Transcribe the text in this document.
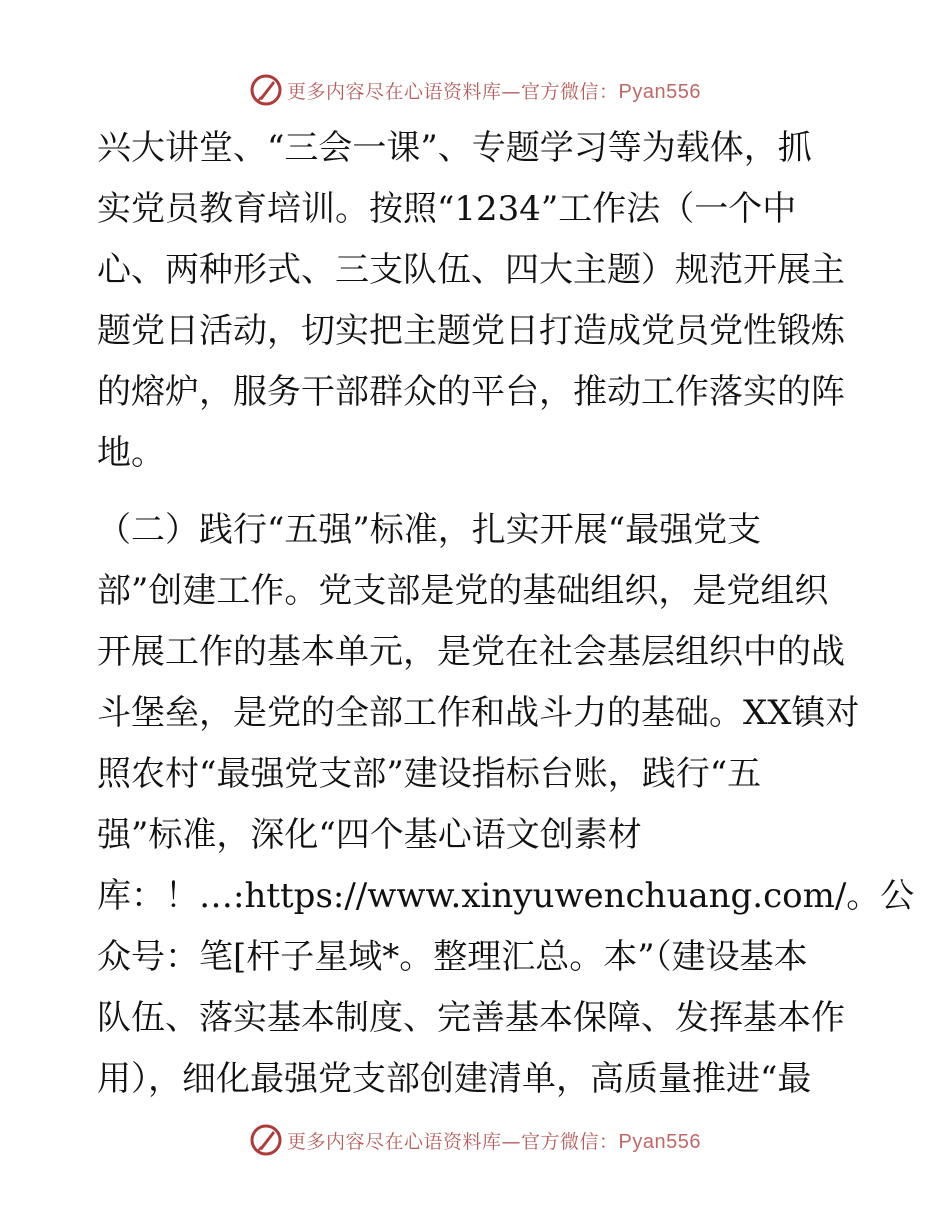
更多内容尽在心语资料库—官方微信：Pyan556
兴大讲堂、“三会一课”、专题学习等为载体，抓
实党员教育培训。按照“1234”工作法（一个中
心、两种形式、三支队伍、四大主题）规范开展主
题党日活动，切实把主题党日打造成党员党性锻炼
的熔炉，服务干部群众的平台，推动工作落实的阵
地。
（二）践行“五强”标准，扎实开展“最强党支
部”创建工作。党支部是党的基础组织，是党组织
开展工作的基本单元，是党在社会基层组织中的战
斗堡垒，是党的全部工作和战斗力的基础。XX镇对
照农村“最强党支部”建设指标台账，践行“五
强”标准，深化“四个基心语文创素材
库：！…:https://www.xinyuwenchuang.com/。公
众号：笔[杆子星域*。整理汇总。本”（建设基本
队伍、落实基本制度、完善基本保障、发挥基本作
用），细化最强党支部创建清单，高质量推进“最
更多内容尽在心语资料库—官方微信：Pyan556
